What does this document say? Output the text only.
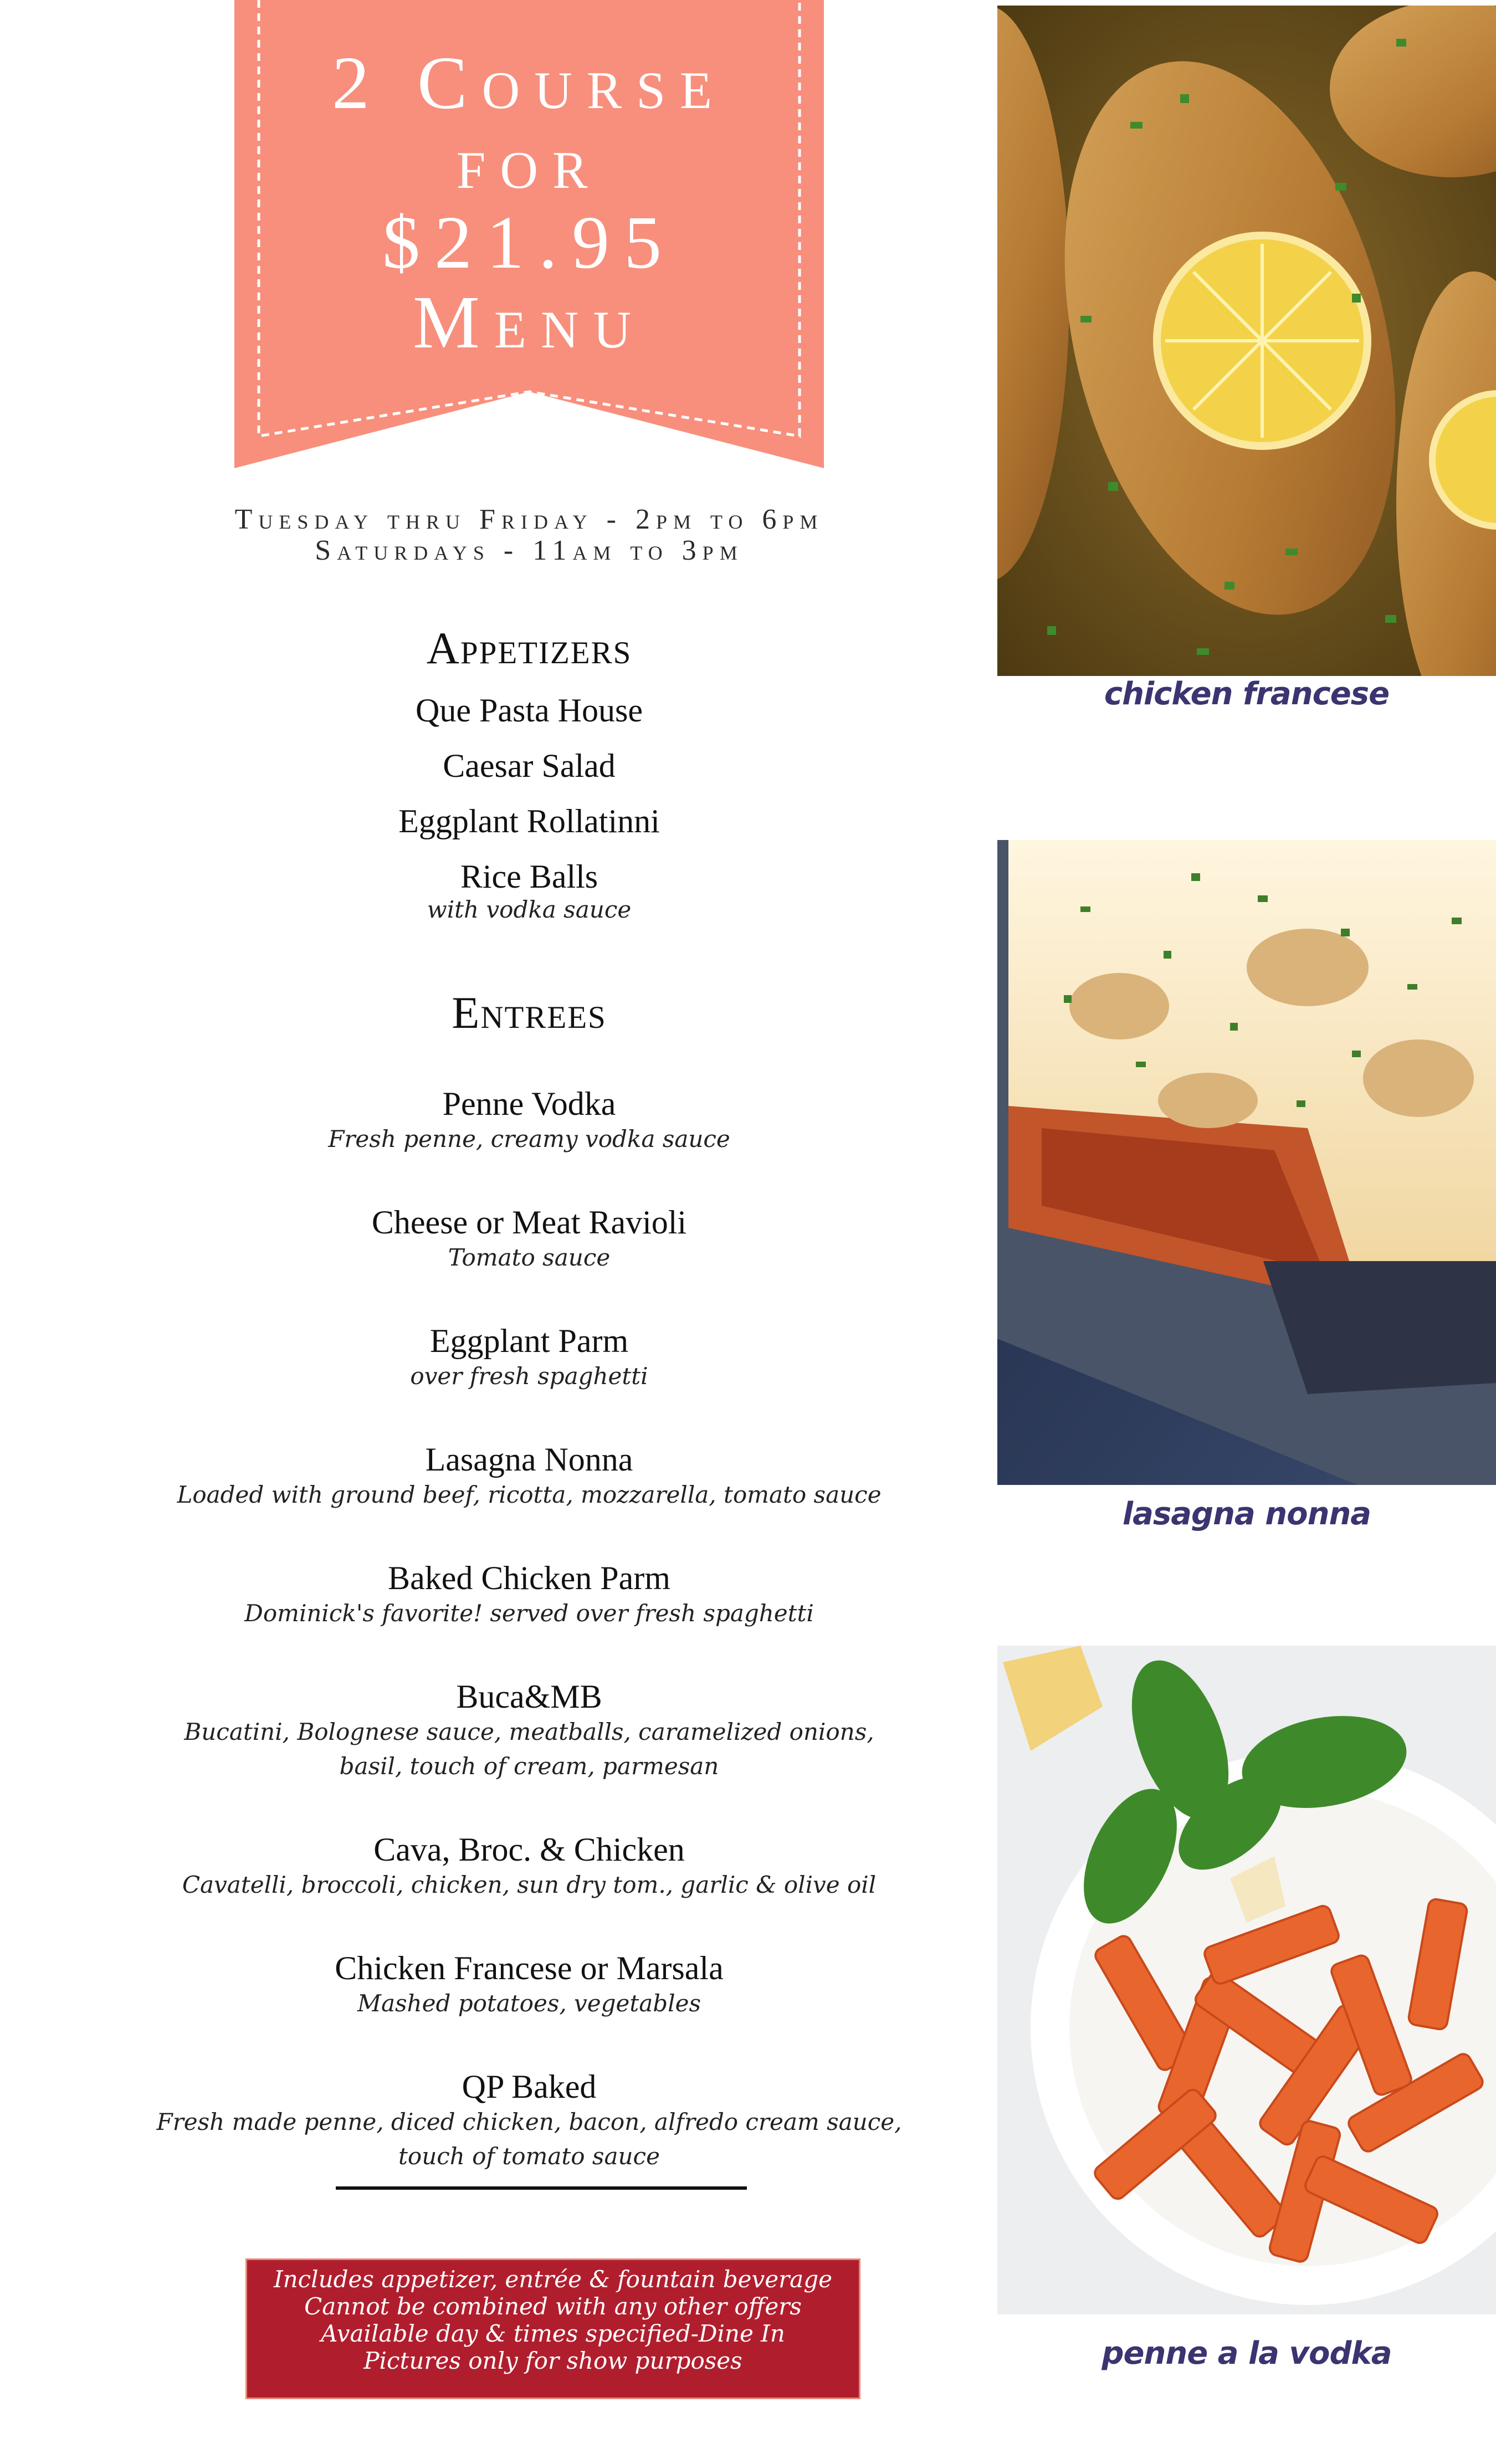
2 Course
for
$21.95
Menu
Tuesday thru Friday - 2pm to 6pm
Saturdays - 11am to 3pm
Appetizers
Que Pasta House
Caesar Salad
Eggplant Rollatinni
Rice Balls
with vodka sauce
Entrees
Penne Vodka
Fresh penne, creamy vodka sauce
Cheese or Meat Ravioli
Tomato sauce
Eggplant Parm
over fresh spaghetti
Lasagna Nonna
Loaded with ground beef, ricotta, mozzarella, tomato sauce
Baked Chicken Parm
Dominick's favorite! served over fresh spaghetti
Buca&MB
Bucatini, Bolognese sauce, meatballs, caramelized onions,
basil, touch of cream, parmesan
Cava, Broc. & Chicken
Cavatelli, broccoli, chicken, sun dry tom., garlic & olive oil
Chicken Francese or Marsala
Mashed potatoes, vegetables
QP Baked
Fresh made penne, diced chicken, bacon, alfredo cream sauce,
touch of tomato sauce
Includes appetizer, entrée & fountain beverage
Cannot be combined with any other offers
Available day & times specified-Dine In
Pictures only for show purposes
chicken francese
lasagna nonna
penne a la vodka
